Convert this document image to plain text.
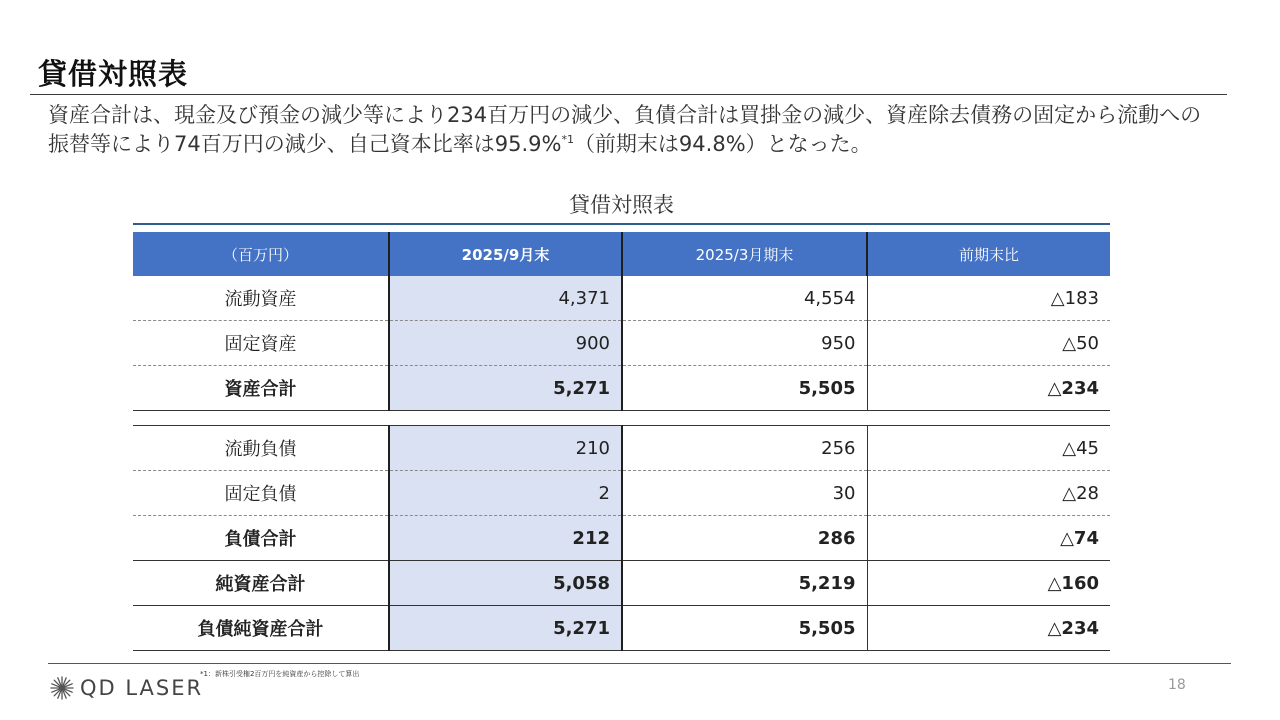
貸借対照表
資産合計は、現金及び預金の減少等により234百万円の減少、負債合計は買掛金の減少、資産除去債務の固定から流動への振替等により74百万円の減少、自己資本比率は95.9%$^{*1}$（前期末は94.8%）となった。
貸借対照表
（百万円）	2025/9月末	2025/3月期末	前期末比
流動資産	4,371	4,554	△183
固定資産	900	950	△50
資産合計	5,271	5,505	△234

流動負債	210	256	△45
固定負債	2	30	△28
負債合計	212	286	△74
純資産合計	5,058	5,219	△160
負債純資産合計	5,271	5,505	△234
QD LASER
*1：新株引受権2百万円を純資産から控除して算出
18
